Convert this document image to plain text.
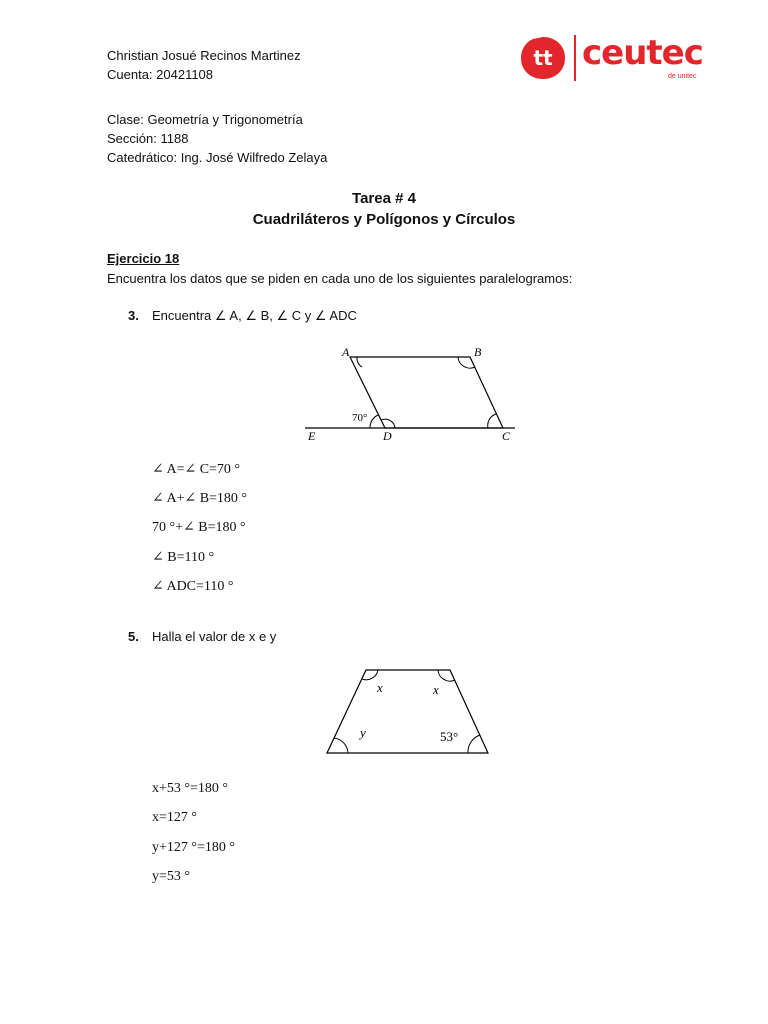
Christian Josué Recinos Martinez
Cuenta: 20421108
Clase: Geometría y Trigonometría
Sección: 1188
Catedrático: Ing. José Wilfredo Zelaya
tt ceutec
de unitec
Tarea # 4
Cuadriláteros y Polígonos y Círculos
Ejercicio 18
Encuentra los datos que se piden en cada uno de los siguientes paralelogramos:
3. Encuentra ∠ A, ∠ B, ∠ C y ∠ ADC
A	B
C
D
E
70°
∠ A=∠ C=70 °
∠ A+∠ B=180 °
70 °+∠ B=180 °
∠ B=110 °
∠ ADC=110 °
5. Halla el valor de x e y
x	x
y	53°
x+53 °=180 °
x=127 °
y+127 °=180 °
y=53 °
